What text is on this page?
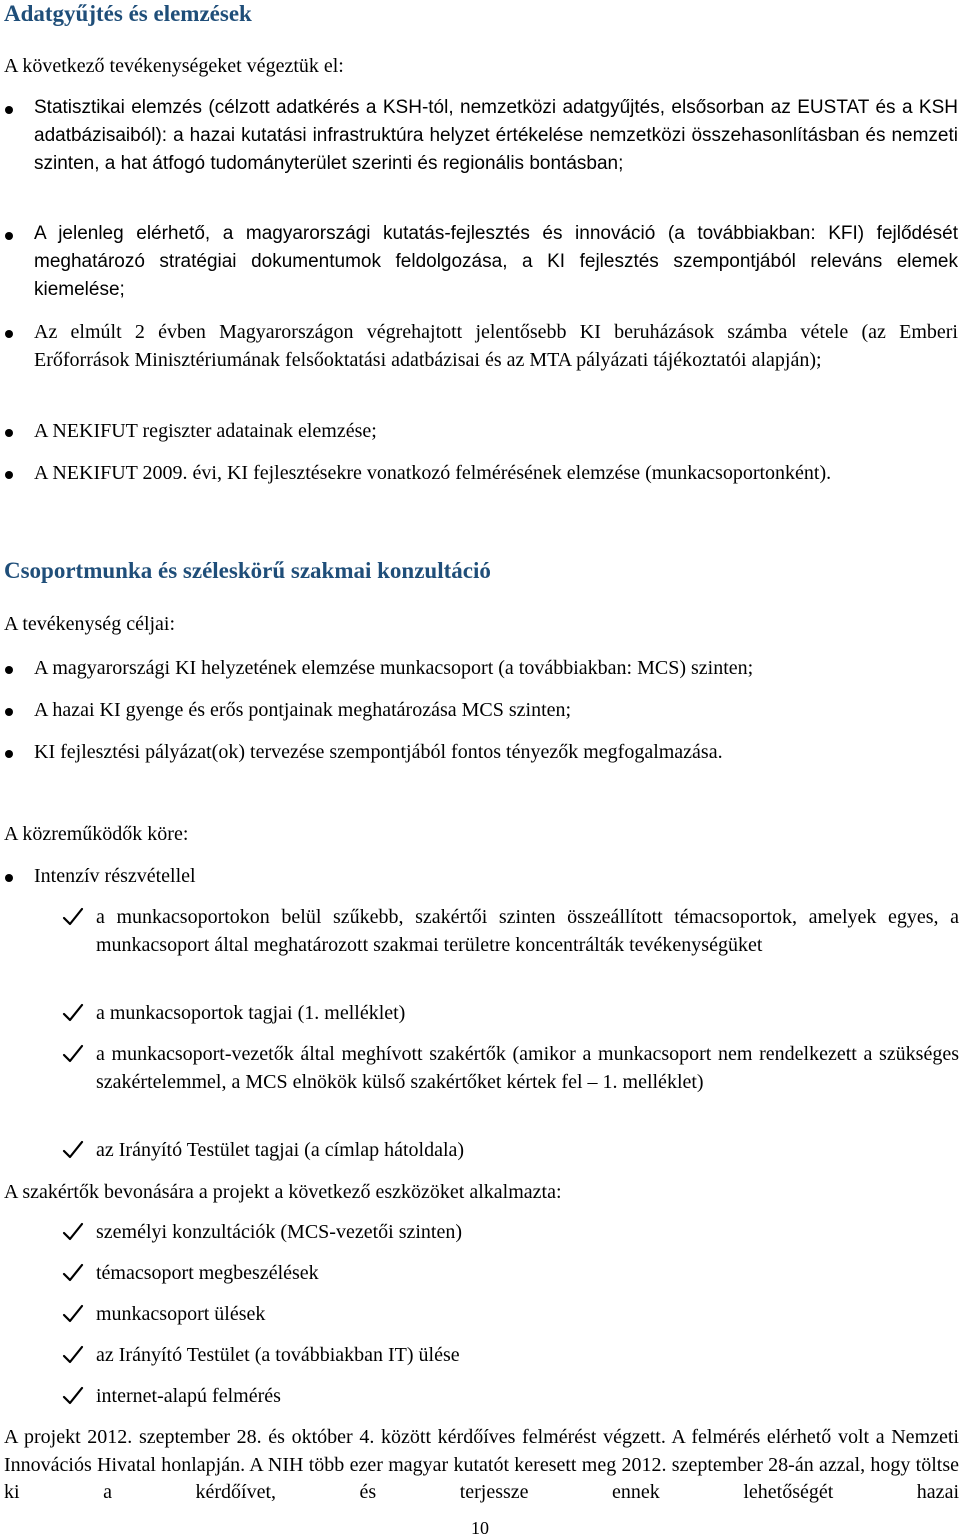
Adatgyűjtés és elemzések

A következő tevékenységeket végeztük el:

Statisztikai elemzés (célzott adatkérés a KSH-tól, nemzetközi adatgyűjtés, elsősorban az EUSTAT és a KSH adatbázisaiból): a hazai kutatási infrastruktúra helyzet értékelése nemzetközi összehasonlításban és nemzeti szinten, a hat átfogó tudományterület szerinti és regionális bontásban;
A jelenleg elérhető, a magyarországi kutatás-fejlesztés és innováció (a továbbiakban: KFI) fejlődését meghatározó stratégiai dokumentumok feldolgozása, a KI fejlesztés szempontjából releváns elemek kiemelése;
Az elmúlt 2 évben Magyarországon végrehajtott jelentősebb KI beruházások számba vétele (az Emberi Erőforrások Minisztériumának felsőoktatási adatbázisai és az MTA pályázati tájékoztatói alapján);
A NEKIFUT regiszter adatainak elemzése;
A NEKIFUT 2009. évi, KI fejlesztésekre vonatkozó felmérésének elemzése (munkacsoportonként).
Csoportmunka és széleskörű szakmai konzultáció

A tevékenység céljai:

A magyarországi KI helyzetének elemzése munkacsoport (a továbbiakban: MCS) szinten;
A hazai KI gyenge és erős pontjainak meghatározása MCS szinten;
KI fejlesztési pályázat(ok) tervezése szempontjából fontos tényezők megfogalmazása.

A közreműködők köre:

Intenzív részvétellel
a munkacsoportokon belül szűkebb, szakértői szinten összeállított témacsoportok, amelyek egyes, a munkacsoport által meghatározott szakmai területre koncentrálták tevékenységüket
a munkacsoportok tagjai (1. melléklet)
a munkacsoport-vezetők által meghívott szakértők (amikor a munkacsoport nem rendelkezett a szükséges szakértelemmel, a MCS elnökök külső szakértőket kértek fel – 1. melléklet)
az Irányító Testület tagjai (a címlap hátoldala)

A szakértők bevonására a projekt a következő eszközöket alkalmazta:

személyi konzultációk (MCS-vezetői szinten)
témacsoport megbeszélések
munkacsoport ülések
az Irányító Testület (a továbbiakban IT) ülése
internet-alapú felmérés

A projekt 2012. szeptember 28. és október 4. között kérdőíves felmérést végzett. A felmérés elérhető volt a Nemzeti Innovációs Hivatal honlapján. A NIH több ezer magyar kutatót keresett meg 2012. szeptember 28-án azzal, hogy töltse ki a kérdőívet, és terjessze ennek lehetőségét hazai

10
